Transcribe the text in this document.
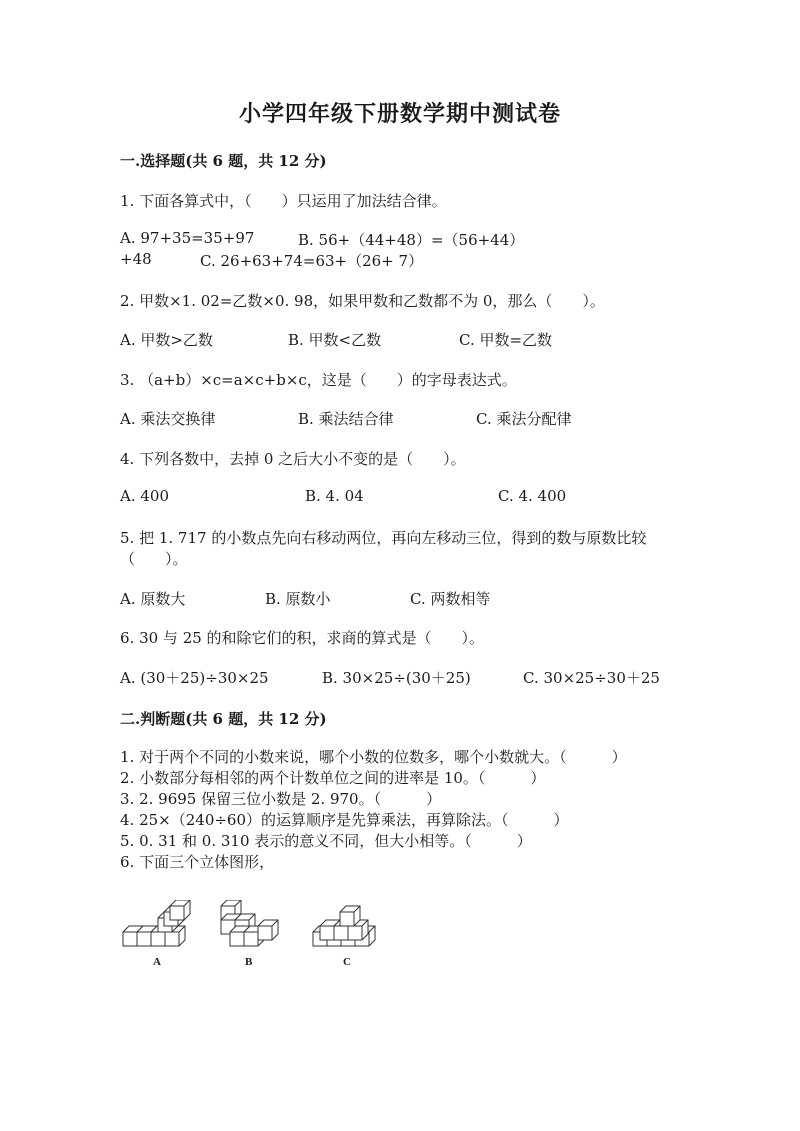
小学四年级下册数学期中测试卷
一.选择题(共 6 题，共 12 分)
1. 下面各算式中，（　　）只运用了加法结合律。
A. 97+35=35+97	B. 56+（44+48）=（56+44）
+48	C. 26+63+74=63+（26+ 7）
2. 甲数×1. 02=乙数×0. 98，如果甲数和乙数都不为 0，那么（　　）。
A. 甲数>乙数	B. 甲数<乙数	C. 甲数=乙数
3. （a+b）×c=a×c+b×c，这是（　　）的字母表达式。
A. 乘法交换律	B. 乘法结合律	C. 乘法分配律
4. 下列各数中，去掉 0 之后大小不变的是（　　）。
A. 400	B. 4. 04	C. 4. 400
5. 把 1. 717 的小数点先向右移动两位，再向左移动三位，得到的数与原数比较
（　　）。
A. 原数大	B. 原数小	C. 两数相等
6. 30 与 25 的和除它们的积，求商的算式是（　　）。
A. (30＋25)÷30×25	B. 30×25÷(30＋25)	C. 30×25÷30＋25
二.判断题(共 6 题，共 12 分)
1. 对于两个不同的小数来说，哪个小数的位数多，哪个小数就大。（　　　）
2. 小数部分每相邻的两个计数单位之间的进率是 10。（　　　）
3. 2. 9695 保留三位小数是 2. 970。（　　　）
4. 25×（240÷60）的运算顺序是先算乘法，再算除法。（　　　）
5. 0. 31 和 0. 310 表示的意义不同，但大小相等。（　　　）
6. 下面三个立体图形，
A	B	C
